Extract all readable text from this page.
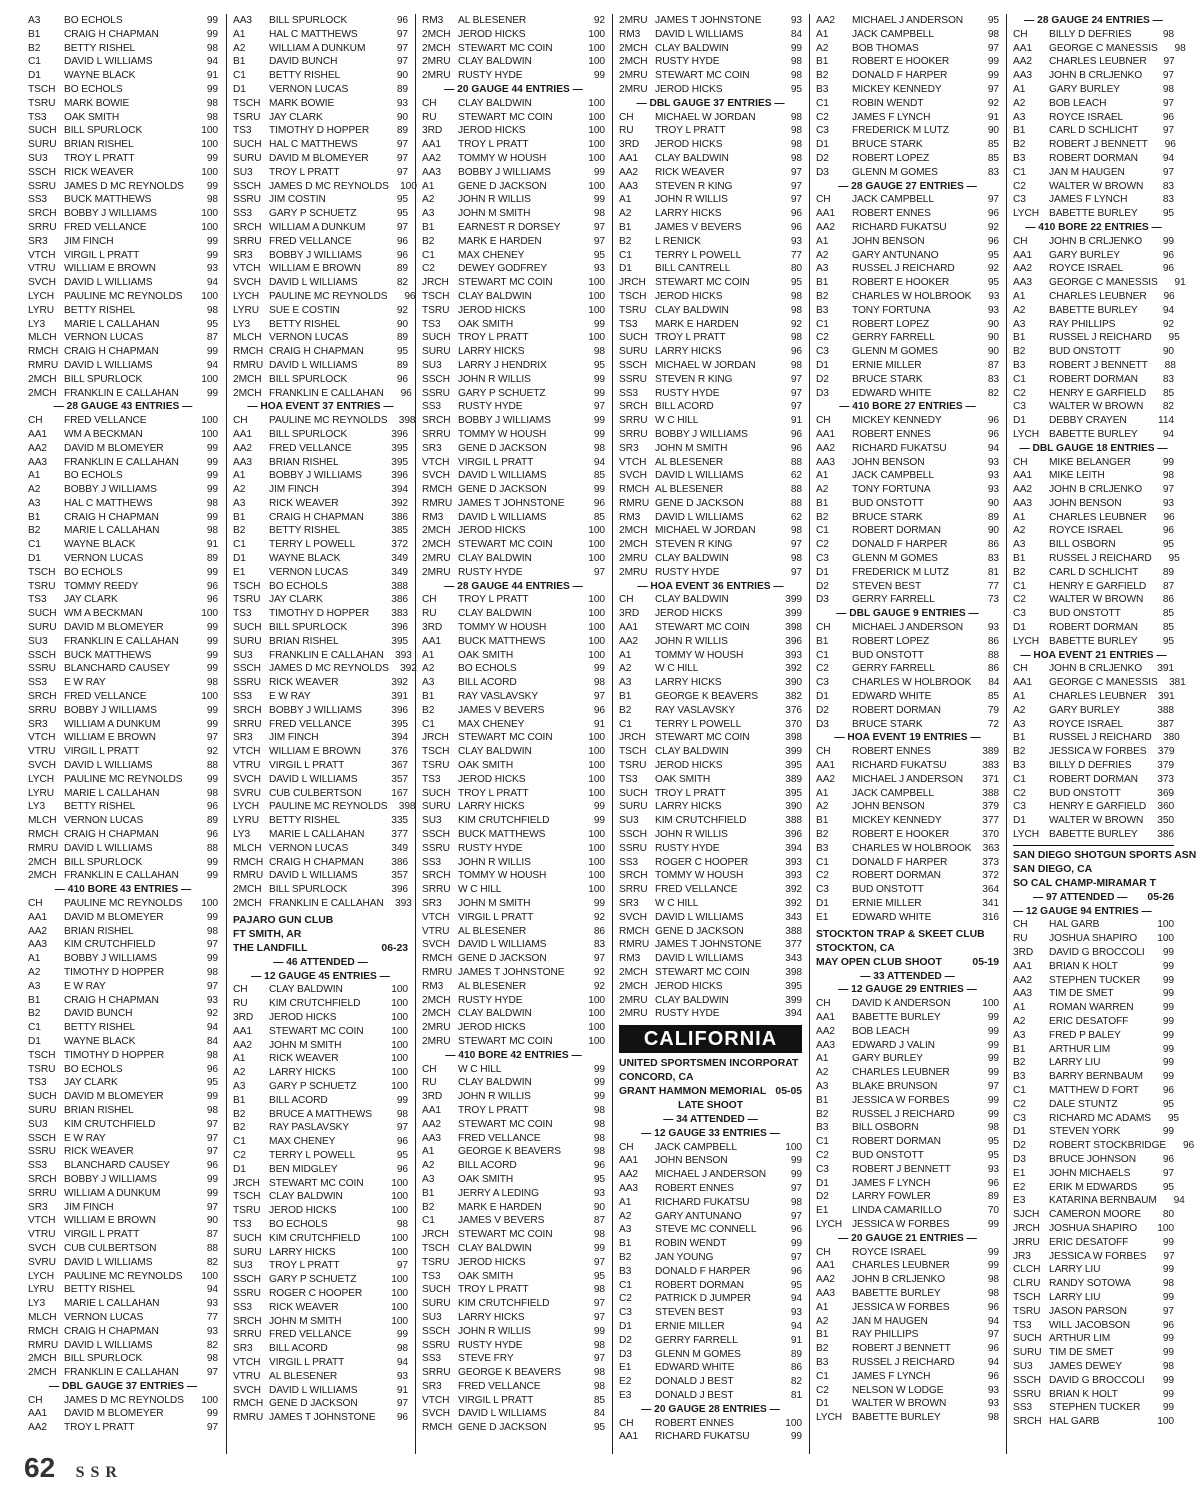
A3	BO ECHOLS	99
B1	CRAIG H CHAPMAN	99
B2	BETTY RISHEL	98
C1	DAVID L WILLIAMS	94
D1	WAYNE BLACK	91
TSCH BO ECHOLS	99
TSRU MARK BOWIE	98
TS3	OAK SMITH	98
SUCH BILL SPURLOCK	100
SURU BRIAN RISHEL	100
SU3	TROY L PRATT	99
SSCH RICK WEAVER	100
SSRU JAMES D MC REYNOLDS	99
SS3	BUCK MATTHEWS	98
SRCH BOBBY J WILLIAMS	100
SRRU FRED VELLANCE	100
SR3	JIM FINCH	99
VTCH VIRGIL L PRATT	99
VTRU WILLIAM E BROWN	93
SVCH DAVID L WILLIAMS	94
LYCH PAULINE MC REYNOLDS	100
LYRU BETTY RISHEL	98
LY3	MARIE L CALLAHAN	95
MLCH VERNON LUCAS	87
RMCH CRAIG H CHAPMAN	99
RMRU DAVID L WILLIAMS	94
2MCH BILL SPURLOCK	100
2MCH FRANKLIN E CALLAHAN	99
— 28 GAUGE 43 ENTRIES —
CH	FRED VELLANCE	100
AA1	WM A BECKMAN	100
AA2	DAVID M BLOMEYER	99
AA3	FRANKLIN E CALLAHAN	99
A1	BO ECHOLS	99
A2	BOBBY J WILLIAMS	99
A3	HAL C MATTHEWS	98
B1	CRAIG H CHAPMAN	99
B2	MARIE L CALLAHAN	98
C1	WAYNE BLACK	91
D1	VERNON LUCAS	89
TSCH BO ECHOLS	99
TSRU TOMMY REEDY	96
TS3	JAY CLARK	96
SUCH WM A BECKMAN	100
SURU DAVID M BLOMEYER	99
SU3	FRANKLIN E CALLAHAN	99
SSCH BUCK MATTHEWS	99
SSRU BLANCHARD CAUSEY	99
SS3	E W RAY	98
SRCH FRED VELLANCE	100
SRRU BOBBY J WILLIAMS	99
SR3	WILLIAM A DUNKUM	99
VTCH WILLIAM E BROWN	97
VTRU VIRGIL L PRATT	92
SVCH DAVID L WILLIAMS	88
LYCH PAULINE MC REYNOLDS	99
LYRU MARIE L CALLAHAN	98
LY3	BETTY RISHEL	96
MLCH VERNON LUCAS	89
RMCH CRAIG H CHAPMAN	96
RMRU DAVID L WILLIAMS	88
2MCH BILL SPURLOCK	99
2MCH FRANKLIN E CALLAHAN	99
— 410 BORE 43 ENTRIES —
CH	PAULINE MC REYNOLDS	100
AA1	DAVID M BLOMEYER	99
AA2	BRIAN RISHEL	98
AA3	KIM CRUTCHFIELD	97
A1	BOBBY J WILLIAMS	99
A2	TIMOTHY D HOPPER	98
A3	E W RAY	97
B1	CRAIG H CHAPMAN	93
B2	DAVID BUNCH	92
C1	BETTY RISHEL	94
D1	WAYNE BLACK	84
TSCH TIMOTHY D HOPPER	98
TSRU BO ECHOLS	96
TS3	JAY CLARK	95
SUCH DAVID M BLOMEYER	99
SURU BRIAN RISHEL	98
SU3	KIM CRUTCHFIELD	97
SSCH E W RAY	97
SSRU RICK WEAVER	97
SS3	BLANCHARD CAUSEY	96
SRCH BOBBY J WILLIAMS	99
SRRU WILLIAM A DUNKUM	99
SR3	JIM FINCH	97
VTCH WILLIAM E BROWN	90
VTRU VIRGIL L PRATT	87
SVCH CUB CULBERTSON	88
SVRU DAVID L WILLIAMS	82
LYCH PAULINE MC REYNOLDS	100
LYRU BETTY RISHEL	94
LY3	MARIE L CALLAHAN	93
MLCH VERNON LUCAS	77
RMCH CRAIG H CHAPMAN	93
RMRU DAVID L WILLIAMS	82
2MCH BILL SPURLOCK	98
2MCH FRANKLIN E CALLAHAN	97
— DBL GAUGE 37 ENTRIES —
CH	JAMES D MC REYNOLDS	100
AA1	DAVID M BLOMEYER	99
AA2	TROY L PRATT	97
AA3	BILL SPURLOCK	96
A1	HAL C MATTHEWS	97
A2	WILLIAM A DUNKUM	97
B1	DAVID BUNCH	97
C1	BETTY RISHEL	90
D1	VERNON LUCAS	89
TSCH MARK BOWIE	93
TSRU JAY CLARK	90
TS3	TIMOTHY D HOPPER	89
SUCH HAL C MATTHEWS	97
SURU DAVID M BLOMEYER	97
SU3	TROY L PRATT	97
SSCH JAMES D MC REYNOLDS	100
SSRU JIM COSTIN	95
SS3	GARY P SCHUETZ	95
SRCH WILLIAM A DUNKUM	97
SRRU FRED VELLANCE	96
SR3	BOBBY J WILLIAMS	96
VTCH WILLIAM E BROWN	89
SVCH DAVID L WILLIAMS	82
LYCH PAULINE MC REYNOLDS	96
LYRU SUE E COSTIN	92
LY3	BETTY RISHEL	90
MLCH VERNON LUCAS	89
RMCH CRAIG H CHAPMAN	95
RMRU DAVID L WILLIAMS	89
2MCH BILL SPURLOCK	96
2MCH FRANKLIN E CALLAHAN	96
— HOA EVENT 37 ENTRIES —
CH	PAULINE MC REYNOLDS	398
AA1	BILL SPURLOCK	396
AA2	FRED VELLANCE	395
AA3	BRIAN RISHEL	395
A1	BOBBY J WILLIAMS	396
A2	JIM FINCH	394
A3	RICK WEAVER	392
B1	CRAIG H CHAPMAN	386
B2	BETTY RISHEL	385
C1	TERRY L POWELL	372
D1	WAYNE BLACK	349
E1	VERNON LUCAS	349
TSCH BO ECHOLS	388
TSRU JAY CLARK	386
TS3	TIMOTHY D HOPPER	383
SUCH BILL SPURLOCK	396
SURU BRIAN RISHEL	395
SU3	FRANKLIN E CALLAHAN	393
SSCH JAMES D MC REYNOLDS	392
SSRU RICK WEAVER	392
SS3	E W RAY	391
SRCH BOBBY J WILLIAMS	396
SRRU FRED VELLANCE	395
SR3	JIM FINCH	394
VTCH WILLIAM E BROWN	376
VTRU VIRGIL L PRATT	367
SVCH DAVID L WILLIAMS	357
SVRU CUB CULBERTSON	167
LYCH PAULINE MC REYNOLDS	398
LYRU BETTY RISHEL	335
LY3	MARIE L CALLAHAN	377
MLCH VERNON LUCAS	349
RMCH CRAIG H CHAPMAN	386
RMRU DAVID L WILLIAMS	357
2MCH BILL SPURLOCK	396
2MCH FRANKLIN E CALLAHAN	393
PAJARO GUN CLUB
FT SMITH, AR
THE LANDFILL	06-23
— 46 ATTENDED —
— 12 GAUGE 45 ENTRIES —
CH	CLAY BALDWIN	100
RU	KIM CRUTCHFIELD	100
3RD	JEROD HICKS	100
AA1	STEWART MC COIN	100
AA2	JOHN M SMITH	100
A1	RICK WEAVER	100
A2	LARRY HICKS	100
A3	GARY P SCHUETZ	100
B1	BILL ACORD	99
B2	BRUCE A MATTHEWS	98
B2	RAY PASLAVSKY	97
C1	MAX CHENEY	96
C2	TERRY L POWELL	95
D1	BEN MIDGLEY	96
JRCH STEWART MC COIN	100
TSCH CLAY BALDWIN	100
TSRU JEROD HICKS	100
TS3	BO ECHOLS	98
SUCH KIM CRUTCHFIELD	100
SURU LARRY HICKS	100
SU3	TROY L PRATT	97
SSCH GARY P SCHUETZ	100
SSRU ROGER C HOOPER	100
SS3	RICK WEAVER	100
SRCH JOHN M SMITH	100
SRRU FRED VELLANCE	99
SR3	BILL ACORD	98
VTCH VIRGIL L PRATT	94
VTRU AL BLESENER	93
SVCH DAVID L WILLIAMS	91
RMCH GENE D JACKSON	97
RMRU JAMES T JOHNSTONE	96
RM3	AL BLESENER	92
2MCH JEROD HICKS	100
2MCH STEWART MC COIN	100
2MRU CLAY BALDWIN	100
2MRU RUSTY HYDE	99
— 20 GAUGE 44 ENTRIES —
CH	CLAY BALDWIN	100
RU	STEWART MC COIN	100
3RD	JEROD HICKS	100
AA1	TROY L PRATT	100
AA2	TOMMY W HOUSH	100
AA3	BOBBY J WILLIAMS	99
A1	GENE D JACKSON	100
A2	JOHN R WILLIS	99
A3	JOHN M SMITH	98
B1	EARNEST R DORSEY	97
B2	MARK E HARDEN	97
C1	MAX CHENEY	95
C2	DEWEY GODFREY	93
JRCH STEWART MC COIN	100
TSCH CLAY BALDWIN	100
TSRU JEROD HICKS	100
TS3	OAK SMITH	99
SUCH TROY L PRATT	100
SURU LARRY HICKS	98
SU3	LARRY J HENDRIX	95
SSCH JOHN R WILLIS	99
SSRU GARY P SCHUETZ	99
SS3	RUSTY HYDE	97
SRCH BOBBY J WILLIAMS	99
SRRU TOMMY W HOUSH	99
SR3	GENE D JACKSON	98
VTCH VIRGIL L PRATT	94
SVCH DAVID L WILLIAMS	85
RMCH GENE D JACKSON	99
RMRU JAMES T JOHNSTONE	96
RM3	DAVID L WILLIAMS	85
2MCH JEROD HICKS	100
2MCH STEWART MC COIN	100
2MRU CLAY BALDWIN	100
2MRU RUSTY HYDE	97
— 28 GAUGE 44 ENTRIES —
CH	TROY L PRATT	100
RU	CLAY BALDWIN	100
3RD	TOMMY W HOUSH	100
AA1	BUCK MATTHEWS	100
A1	OAK SMITH	100
A2	BO ECHOLS	99
A3	BILL ACORD	98
B1	RAY VASLAVSKY	97
B2	JAMES V BEVERS	96
C1	MAX CHENEY	91
JRCH STEWART MC COIN	100
TSCH CLAY BALDWIN	100
TSRU OAK SMITH	100
TS3	JEROD HICKS	100
SUCH TROY L PRATT	100
SURU LARRY HICKS	99
SU3	KIM CRUTCHFIELD	99
SSCH BUCK MATTHEWS	100
SSRU RUSTY HYDE	100
SS3	JOHN R WILLIS	100
SRCH TOMMY W HOUSH	100
SRRU W C HILL	100
SR3	JOHN M SMITH	99
VTCH VIRGIL L PRATT	92
VTRU AL BLESENER	86
SVCH DAVID L WILLIAMS	83
RMCH GENE D JACKSON	97
RMRU JAMES T JOHNSTONE	92
RM3	AL BLESENER	92
2MCH RUSTY HYDE	100
2MCH CLAY BALDWIN	100
2MRU JEROD HICKS	100
2MRU STEWART MC COIN	100
— 410 BORE 42 ENTRIES —
CH	W C HILL	99
RU	CLAY BALDWIN	99
3RD	JOHN R WILLIS	99
AA1	TROY L PRATT	98
AA2	STEWART MC COIN	98
AA3	FRED VELLANCE	98
A1	GEORGE K BEAVERS	98
A2	BILL ACORD	96
A3	OAK SMITH	95
B1	JERRY A LEDING	93
B2	MARK E HARDEN	90
C1	JAMES V BEVERS	87
JRCH STEWART MC COIN	98
TSCH CLAY BALDWIN	99
TSRU JEROD HICKS	97
TS3	OAK SMITH	95
SUCH TROY L PRATT	98
SURU KIM CRUTCHFIELD	97
SU3	LARRY HICKS	97
SSCH JOHN R WILLIS	99
SSRU RUSTY HYDE	98
SS3	STEVE FRY	97
SRRU GEORGE K BEAVERS	98
SR3	FRED VELLANCE	98
VTCH VIRGIL L PRATT	85
SVCH DAVID L WILLIAMS	84
RMCH GENE D JACKSON	95
2MRU JAMES T JOHNSTONE	93
RM3	DAVID L WILLIAMS	84
2MCH CLAY BALDWIN	99
2MCH RUSTY HYDE	98
2MRU STEWART MC COIN	98
2MRU JEROD HICKS	95
— DBL GAUGE 37 ENTRIES —
CH	MICHAEL W JORDAN	98
RU	TROY L PRATT	98
3RD	JEROD HICKS	98
AA1	CLAY BALDWIN	98
AA2	RICK WEAVER	97
AA3	STEVEN R KING	97
A1	JOHN R WILLIS	97
A2	LARRY HICKS	96
B1	JAMES V BEVERS	96
B2	L RENICK	93
C1	TERRY L POWELL	77
D1	BILL CANTRELL	80
JRCH STEWART MC COIN	95
TSCH JEROD HICKS	98
TSRU CLAY BALDWIN	98
TS3	MARK E HARDEN	92
SUCH TROY L PRATT	98
SURU LARRY HICKS	96
SSCH MICHAEL W JORDAN	98
SSRU STEVEN R KING	97
SS3	RUSTY HYDE	97
SRCH BILL ACORD	97
SRRU W C HILL	91
SRRU BOBBY J WILLIAMS	96
SR3	JOHN M SMITH	96
VTCH AL BLESENER	88
SVCH DAVID L WILLIAMS	62
RMCH AL BLESENER	88
RMRU GENE D JACKSON	88
RM3	DAVID L WILLIAMS	62
2MCH MICHAEL W JORDAN	98
2MCH STEVEN R KING	97
2MRU CLAY BALDWIN	98
2MRU RUSTY HYDE	97
— HOA EVENT 36 ENTRIES —
CH	CLAY BALDWIN	399
3RD	JEROD HICKS	399
AA1	STEWART MC COIN	398
AA2	JOHN R WILLIS	396
A1	TOMMY W HOUSH	393
A2	W C HILL	392
A3	LARRY HICKS	390
B1	GEORGE K BEAVERS	382
B2	RAY VASLAVSKY	376
C1	TERRY L POWELL	370
JRCH STEWART MC COIN	398
TSCH CLAY BALDWIN	399
TSRU JEROD HICKS	395
TS3	OAK SMITH	389
SUCH TROY L PRATT	395
SURU LARRY HICKS	390
SU3	KIM CRUTCHFIELD	388
SSCH JOHN R WILLIS	396
SSRU RUSTY HYDE	394
SS3	ROGER C HOOPER	393
SRCH TOMMY W HOUSH	393
SRRU FRED VELLANCE	392
SR3	W C HILL	392
SVCH DAVID L WILLIAMS	343
RMCH GENE D JACKSON	388
RMRU JAMES T JOHNSTONE	377
RM3	DAVID L WILLIAMS	343
2MCH STEWART MC COIN	398
2MCH JEROD HICKS	395
2MRU CLAY BALDWIN	399
2MRU RUSTY HYDE	394
CALIFORNIA
UNITED SPORTSMEN INCORPORAT
CONCORD, CA
GRANT HAMMON MEMORIAL 05-05
LATE SHOOT
— 34 ATTENDED —
— 12 GAUGE 33 ENTRIES —
CH	JACK CAMPBELL	100
AA1	JOHN BENSON	99
AA2	MICHAEL J ANDERSON	99
AA3	ROBERT ENNES	97
A1	RICHARD FUKATSU	98
A2	GARY ANTUNANO	97
A3	STEVE MC CONNELL	96
B1	ROBIN WENDT	99
B2	JAN YOUNG	97
B3	DONALD F HARPER	96
C1	ROBERT DORMAN	95
C2	PATRICK D JUMPER	94
C3	STEVEN BEST	93
D1	ERNIE MILLER	94
D2	GERRY FARRELL	91
D3	GLENN M GOMES	89
E1	EDWARD WHITE	86
E2	DONALD J BEST	82
E3	DONALD J BEST	81
— 20 GAUGE 28 ENTRIES —
CH	ROBERT ENNES	100
AA1	RICHARD FUKATSU	99
AA2	MICHAEL J ANDERSON	95
A1	JACK CAMPBELL	98
A2	BOB THOMAS	97
B1	ROBERT E HOOKER	99
B2	DONALD F HARPER	99
B3	MICKEY KENNEDY	97
C1	ROBIN WENDT	92
C2	JAMES F LYNCH	91
C3	FREDERICK M LUTZ	90
D1	BRUCE STARK	85
D2	ROBERT LOPEZ	85
D3	GLENN M GOMES	83
— 28 GAUGE 27 ENTRIES —
CH	JACK CAMPBELL	97
AA1	ROBERT ENNES	96
AA2	RICHARD FUKATSU	92
A1	JOHN BENSON	96
A2	GARY ANTUNANO	95
A3	RUSSEL J REICHARD	92
B1	ROBERT E HOOKER	95
B2	CHARLES W HOLBROOK	93
B3	TONY FORTUNA	93
C1	ROBERT LOPEZ	90
C2	GERRY FARRELL	90
C3	GLENN M GOMES	90
D1	ERNIE MILLER	87
D2	BRUCE STARK	83
D3	EDWARD WHITE	82
— 410 BORE 27 ENTRIES —
CH	MICKEY KENNEDY	96
AA1	ROBERT ENNES	96
AA2	RICHARD FUKATSU	94
AA3	JOHN BENSON	93
A1	JACK CAMPBELL	93
A2	TONY FORTUNA	93
B1	BUD ONSTOTT	90
B2	BRUCE STARK	89
C1	ROBERT DORMAN	90
C2	DONALD F HARPER	86
C3	GLENN M GOMES	83
D1	FREDERICK M LUTZ	81
D2	STEVEN BEST	77
D3	GERRY FARRELL	73
— DBL GAUGE 9 ENTRIES —
CH	MICHAEL J ANDERSON	93
B1	ROBERT LOPEZ	86
C1	BUD ONSTOTT	88
C2	GERRY FARRELL	86
C3	CHARLES W HOLBROOK	84
D1	EDWARD WHITE	85
D2	ROBERT DORMAN	79
D3	BRUCE STARK	72
— HOA EVENT 19 ENTRIES —
CH	ROBERT ENNES	389
AA1	RICHARD FUKATSU	383
AA2	MICHAEL J ANDERSON	371
A1	JACK CAMPBELL	388
A2	JOHN BENSON	379
B1	MICKEY KENNEDY	377
B2	ROBERT E HOOKER	370
B3	CHARLES W HOLBROOK	363
C1	DONALD F HARPER	373
C2	ROBERT DORMAN	372
C3	BUD ONSTOTT	364
D1	ERNIE MILLER	341
E1	EDWARD WHITE	316
STOCKTON TRAP & SKEET CLUB
STOCKTON, CA
MAY OPEN CLUB SHOOT	05-19
— 33 ATTENDED —
— 12 GAUGE 29 ENTRIES —
CH	DAVID K ANDERSON	100
AA1	BABETTE BURLEY	99
AA2	BOB LEACH	99
AA3	EDWARD J VALIN	99
A1	GARY BURLEY	99
A2	CHARLES LEUBNER	99
A3	BLAKE BRUNSON	97
B1	JESSICA W FORBES	99
B2	RUSSEL J REICHARD	99
B3	BILL OSBORN	98
C1	ROBERT DORMAN	95
C2	BUD ONSTOTT	95
C3	ROBERT J BENNETT	93
D1	JAMES F LYNCH	96
D2	LARRY FOWLER	89
E1	LINDA CAMARILLO	70
LYCH JESSICA W FORBES	99
— 20 GAUGE 21 ENTRIES —
CH	ROYCE ISRAEL	99
AA1	CHARLES LEUBNER	99
AA2	JOHN B CRLJENKO	98
AA3	BABETTE BURLEY	98
A1	JESSICA W FORBES	96
A2	JAN M HAUGEN	94
B1	RAY PHILLIPS	97
B2	ROBERT J BENNETT	96
B3	RUSSEL J REICHARD	94
C1	JAMES F LYNCH	96
C2	NELSON W LODGE	93
D1	WALTER W BROWN	93
LYCH BABETTE BURLEY	98
— 28 GAUGE 24 ENTRIES —
CH	BILLY D DEFRIES	98
AA1	GEORGE C MANESSIS	98
AA2	CHARLES LEUBNER	97
AA3	JOHN B CRLJENKO	97
A1	GARY BURLEY	98
A2	BOB LEACH	97
A3	ROYCE ISRAEL	96
B1	CARL D SCHLICHT	97
B2	ROBERT J BENNETT	96
B3	ROBERT DORMAN	94
C1	JAN M HAUGEN	97
C2	WALTER W BROWN	83
C3	JAMES F LYNCH	83
LYCH BABETTE BURLEY	95
— 410 BORE 22 ENTRIES —
CH	JOHN B CRLJENKO	99
AA1	GARY BURLEY	96
AA2	ROYCE ISRAEL	96
AA3	GEORGE C MANESSIS	91
A1	CHARLES LEUBNER	96
A2	BABETTE BURLEY	94
A3	RAY PHILLIPS	92
B1	RUSSEL J REICHARD	95
B2	BUD ONSTOTT	90
B3	ROBERT J BENNETT	88
C1	ROBERT DORMAN	83
C2	HENRY E GARFIELD	85
C3	WALTER W BROWN	82
D1	DEBBY CRAYEN	114
LYCH BABETTE BURLEY	94
— DBL GAUGE 18 ENTRIES —
CH	MIKE BELANGER	99
AA1	MIKE LEITH	98
AA2	JOHN B CRLJENKO	97
AA3	JOHN BENSON	93
A1	CHARLES LEUBNER	96
A2	ROYCE ISRAEL	96
A3	BILL OSBORN	95
B1	RUSSEL J REICHARD	95
B2	CARL D SCHLICHT	89
C1	HENRY E GARFIELD	87
C2	WALTER W BROWN	86
C3	BUD ONSTOTT	85
D1	ROBERT DORMAN	85
LYCH BABETTE BURLEY	95
— HOA EVENT 21 ENTRIES —
CH	JOHN B CRLJENKO	391
AA1	GEORGE C MANESSIS	381
A1	CHARLES LEUBNER	391
A2	GARY BURLEY	388
A3	ROYCE ISRAEL	387
B1	RUSSEL J REICHARD	380
B2	JESSICA W FORBES	379
B3	BILLY D DEFRIES	379
C1	ROBERT DORMAN	373
C2	BUD ONSTOTT	369
C3	HENRY E GARFIELD	360
D1	WALTER W BROWN	350
LYCH BABETTE BURLEY	386
SAN DIEGO SHOTGUN SPORTS ASN
SAN DIEGO, CA
SO CAL CHAMP-MIRAMAR T
05-26
— 97 ATTENDED —
— 12 GAUGE 94 ENTRIES —
CH	HAL GARB	100
RU	JOSHUA SHAPIRO	100
3RD	DAVID G BROCCOLI	99
AA1	BRIAN K HOLT	99
AA2	STEPHEN TUCKER	99
AA3	TIM DE SMET	99
A1	ROMAN WARREN	99
A2	ERIC DESATOFF	99
A3	FRED P BALEY	99
B1	ARTHUR LIM	99
B2	LARRY LIU	99
B3	BARRY BERNBAUM	99
C1	MATTHEW D FORT	96
C2	DALE STUNTZ	95
C3	RICHARD MC ADAMS	95
D1	STEVEN YORK	99
D2	ROBERT STOCKBRIDGE	96
D3	BRUCE JOHNSON	96
E1	JOHN MICHAELS	97
E2	ERIK M EDWARDS	95
E3	KATARINA BERNBAUM	94
SJCH CAMERON MOORE	80
JRCH JOSHUA SHAPIRO	100
JRRU ERIC DESATOFF	99
JR3	JESSICA W FORBES	97
CLCH LARRY LIU	99
CLRU RANDY SOTOWA	98
TSCH LARRY LIU	99
TSRU JASON PARSON	97
TS3	WILL JACOBSON	96
SUCH ARTHUR LIM	99
SURU TIM DE SMET	99
SU3	JAMES DEWEY	98
SSCH DAVID G BROCCOLI	99
SSRU BRIAN K HOLT	99
SS3	STEPHEN TUCKER	99
SRCH HAL GARB	100
62 SSR
